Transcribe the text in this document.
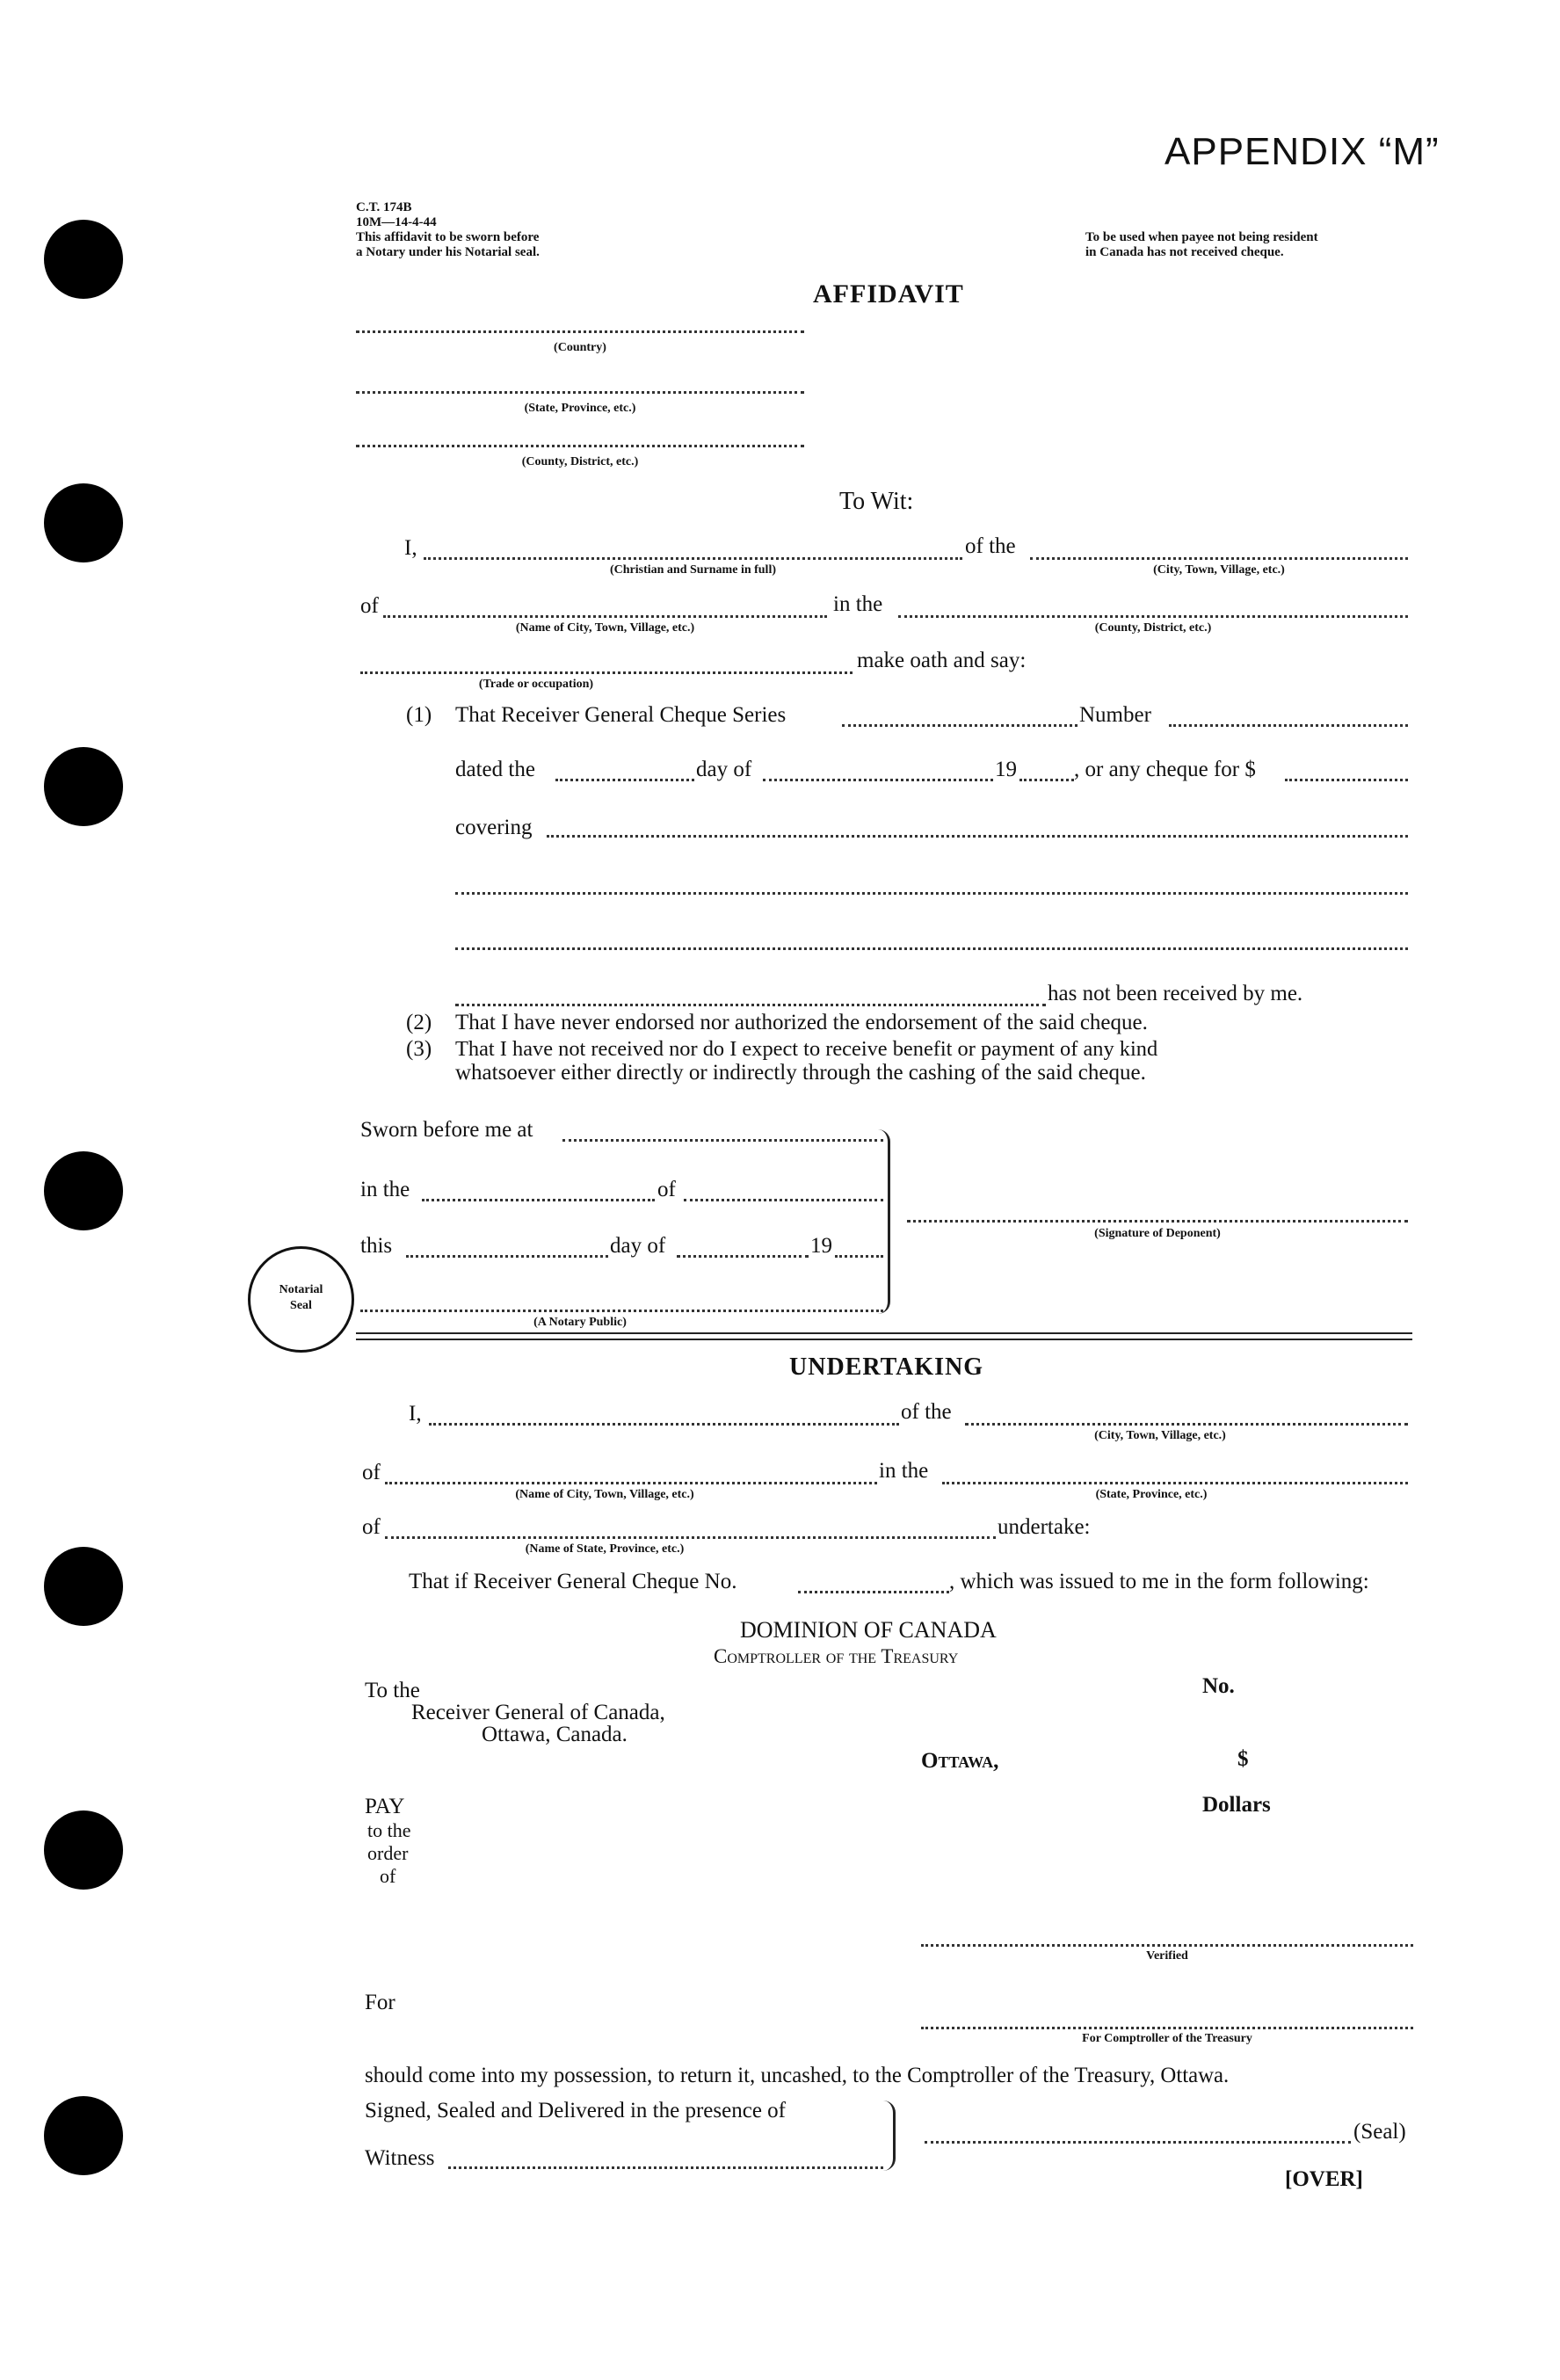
APPENDIX “M”
C.T. 174B
10M—14-4-44
This affidavit to be sworn before
a Notary under his Notarial seal.
To be used when payee not being resident
in Canada has not received cheque.
AFFIDAVIT
(Country)
(State, Province, etc.)
(County, District, etc.)
To Wit:
I,
(Christian and Surname in full)
of the
(City, Town, Village, etc.)
of
(Name of City, Town, Village, etc.)
in the
(County, District, etc.)
(Trade or occupation)
make oath and say:
(1) That Receiver General Cheque Series	Number
dated the	day of	19	, or any cheque for $
covering
has not been received by me.
(2) That I have never endorsed nor authorized the endorsement of the said cheque.
(3) That I have not received nor do I expect to receive benefit or payment of any kind
whatsoever either directly or indirectly through the cashing of the said cheque.
Sworn before me at
in the	of
this	day of	19
(A Notary Public)
(Signature of Deponent)
Notarial
Seal
UNDERTAKING
I,	of the
(City, Town, Village, etc.)
of
(Name of City, Town, Village, etc.)
in the
(State, Province, etc.)
of
(Name of State, Province, etc.)
undertake:
That if Receiver General Cheque No.	, which was issued to me in the form following:
DOMINION OF CANADA
Comptroller of the Treasury
To the
Receiver General of Canada,
Ottawa, Canada.
No.
Ottawa,	$
PAY
to the
order
of
Dollars
Verified
For
For Comptroller of the Treasury
should come into my possession, to return it, uncashed, to the Comptroller of the Treasury, Ottawa.
Signed, Sealed and Delivered in the presence of
Witness
(Seal)
[OVER]
